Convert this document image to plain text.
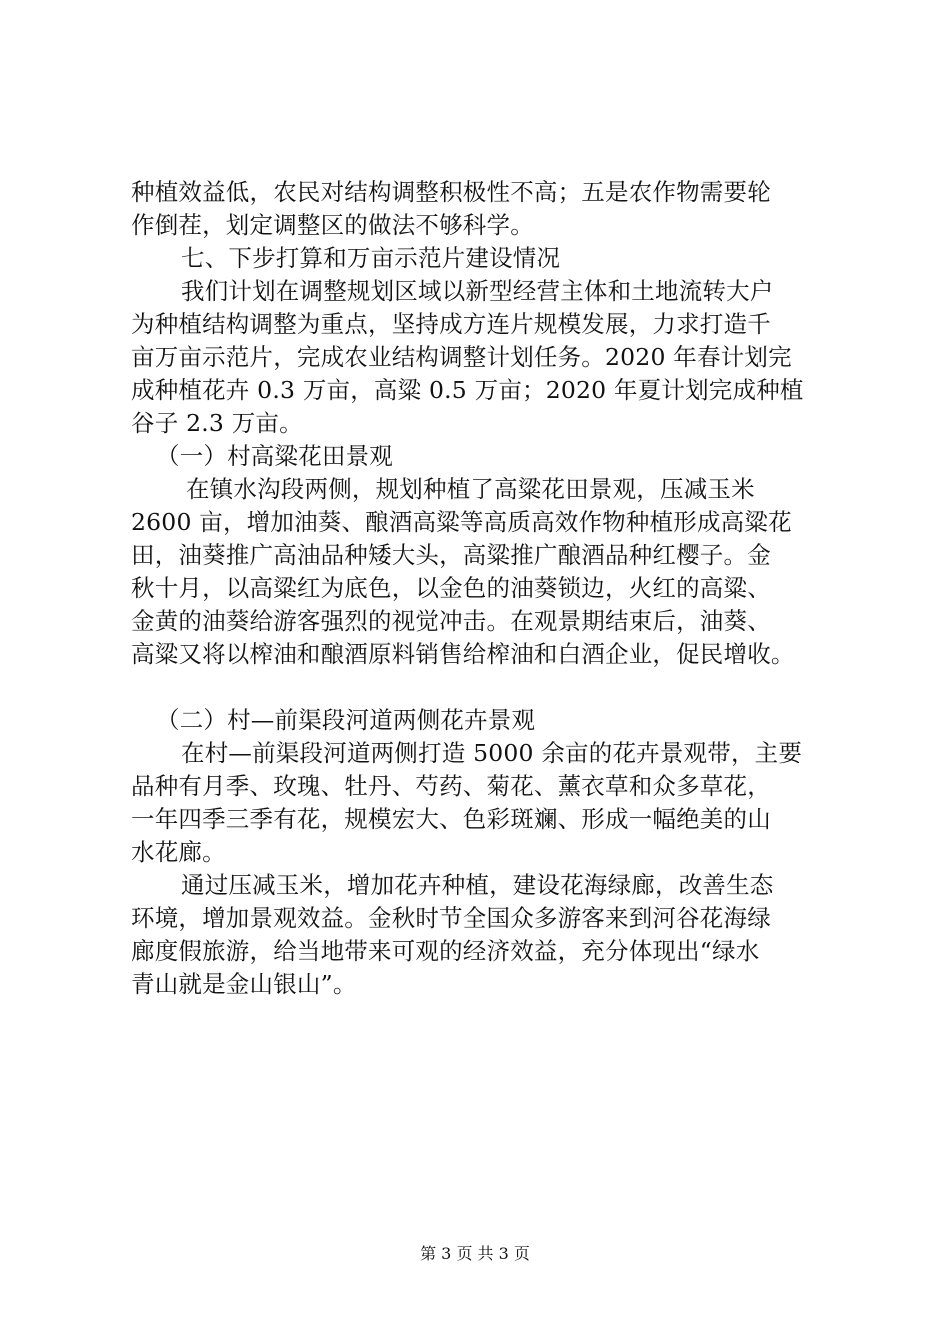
种植效益低，农民对结构调整积极性不高；五是农作物需要轮
作倒茬，划定调整区的做法不够科学。
七、下步打算和万亩示范片建设情况
我们计划在调整规划区域以新型经营主体和土地流转大户
为种植结构调整为重点，坚持成方连片规模发展，力求打造千
亩万亩示范片，完成农业结构调整计划任务。2020 年春计划完
成种植花卉 0.3 万亩，高粱 0.5 万亩；2020 年夏计划完成种植
谷子 2.3 万亩。
（一）村高粱花田景观
在镇水沟段两侧，规划种植了高粱花田景观，压减玉米
2600 亩，增加油葵、酿酒高粱等高质高效作物种植形成高粱花
田，油葵推广高油品种矮大头，高粱推广酿酒品种红樱子。金
秋十月，以高粱红为底色，以金色的油葵锁边，火红的高粱、
金黄的油葵给游客强烈的视觉冲击。在观景期结束后，油葵、
高粱又将以榨油和酿酒原料销售给榨油和白酒企业，促民增收。
（二）村—前渠段河道两侧花卉景观
在村—前渠段河道两侧打造 5000 余亩的花卉景观带，主要
品种有月季、玫瑰、牡丹、芍药、菊花、薰衣草和众多草花，
一年四季三季有花，规模宏大、色彩斑斓、形成一幅绝美的山
水花廊。
通过压减玉米，增加花卉种植，建设花海绿廊，改善生态
环境，增加景观效益。金秋时节全国众多游客来到河谷花海绿
廊度假旅游，给当地带来可观的经济效益，充分体现出“绿水
青山就是金山银山”。
第 3 页 共 3 页
